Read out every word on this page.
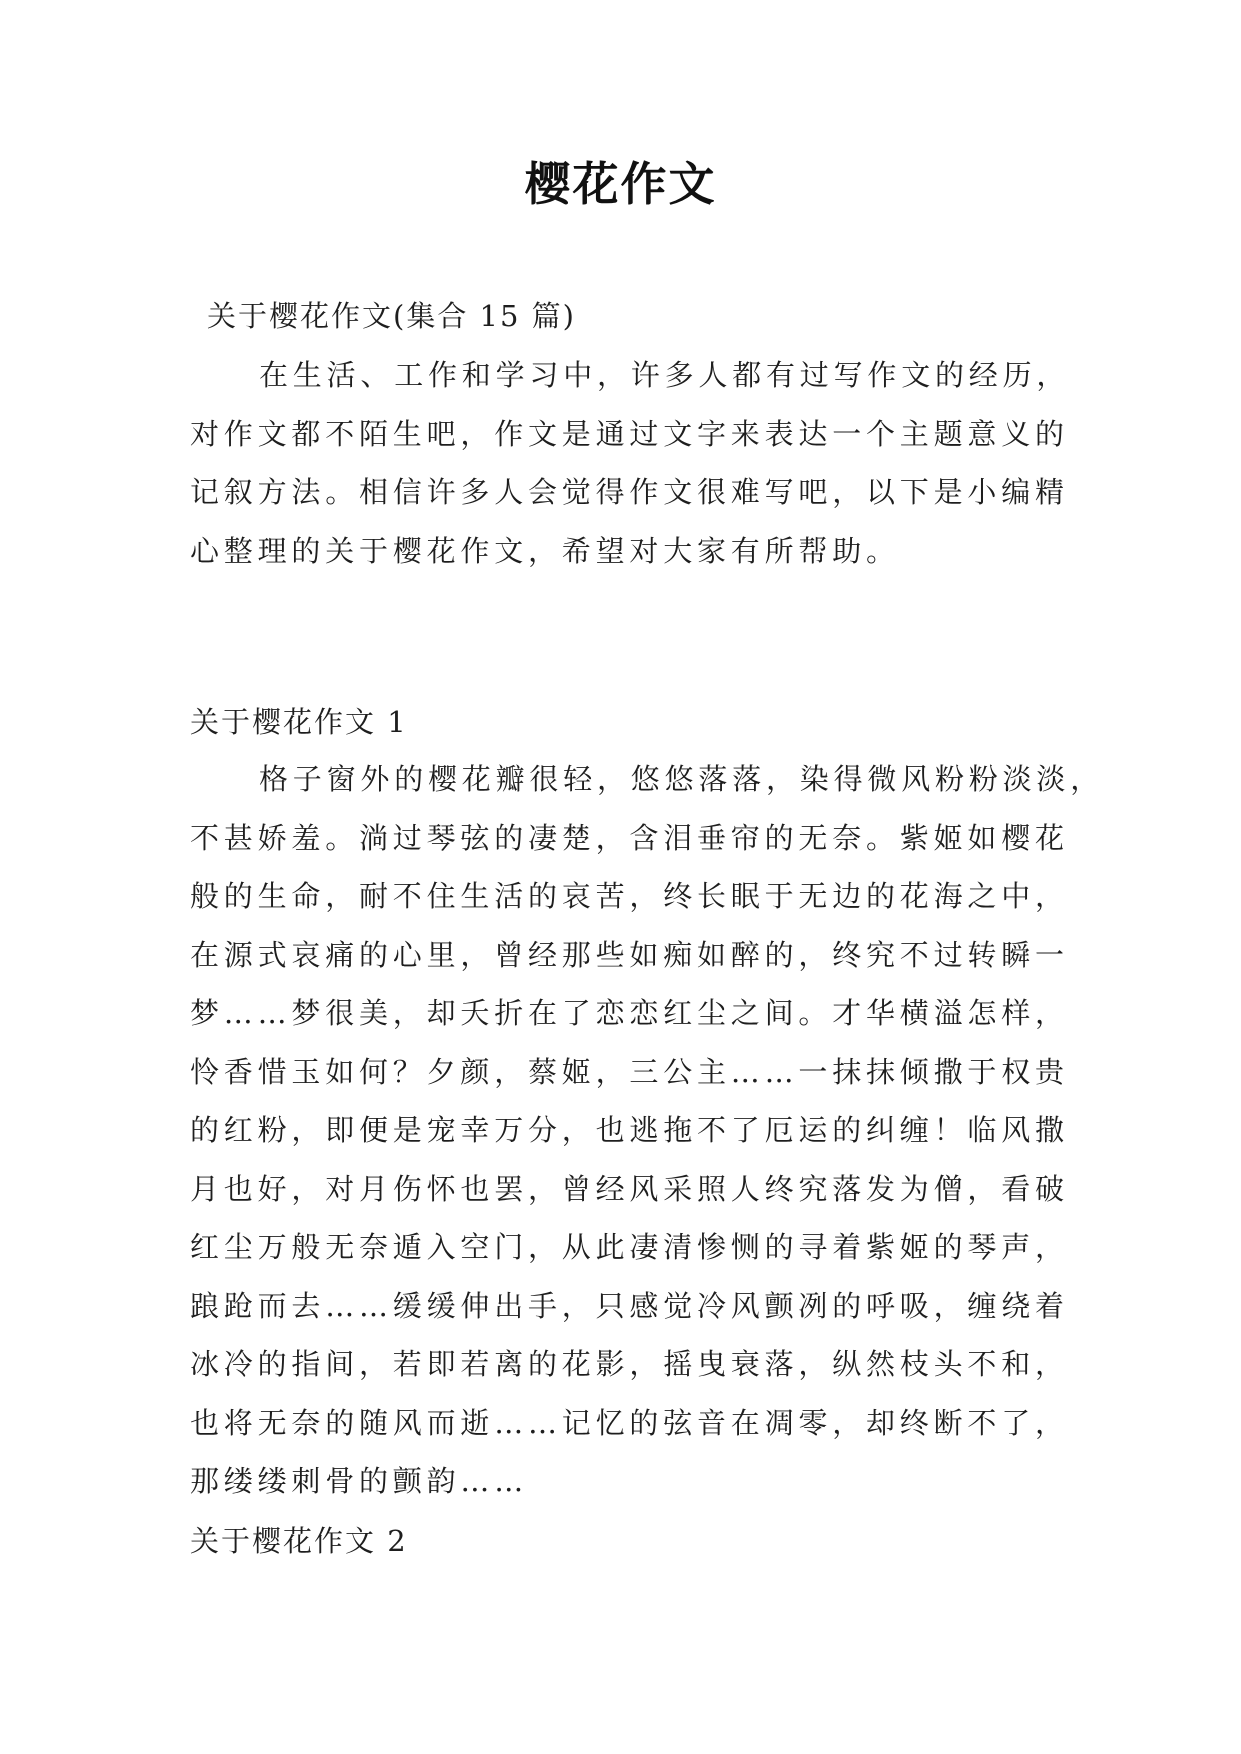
樱花作文
关于樱花作文(集合 15 篇)
在生活、工作和学习中，许多人都有过写作文的经历，
对作文都不陌生吧，作文是通过文字来表达一个主题意义的
记叙方法。相信许多人会觉得作文很难写吧，以下是小编精
心整理的关于樱花作文，希望对大家有所帮助。
关于樱花作文 1
格子窗外的樱花瓣很轻，悠悠落落，染得微风粉粉淡淡，
不甚娇羞。淌过琴弦的凄楚，含泪垂帘的无奈。紫姬如樱花
般的生命，耐不住生活的哀苦，终长眠于无边的花海之中，
在源式哀痛的心里，曾经那些如痴如醉的，终究不过转瞬一
梦……梦很美，却夭折在了恋恋红尘之间。才华横溢怎样，
怜香惜玉如何？夕颜，蔡姬，三公主……一抹抹倾撒于权贵
的红粉，即便是宠幸万分，也逃拖不了厄运的纠缠！临风撒
月也好，对月伤怀也罢，曾经风采照人终究落发为僧，看破
红尘万般无奈遁入空门，从此凄清惨恻的寻着紫姬的琴声，
踉跄而去……缓缓伸出手，只感觉冷风颤冽的呼吸，缠绕着
冰冷的指间，若即若离的花影，摇曳衰落，纵然枝头不和，
也将无奈的随风而逝……记忆的弦音在凋零，却终断不了，
那缕缕刺骨的颤韵……
关于樱花作文 2
